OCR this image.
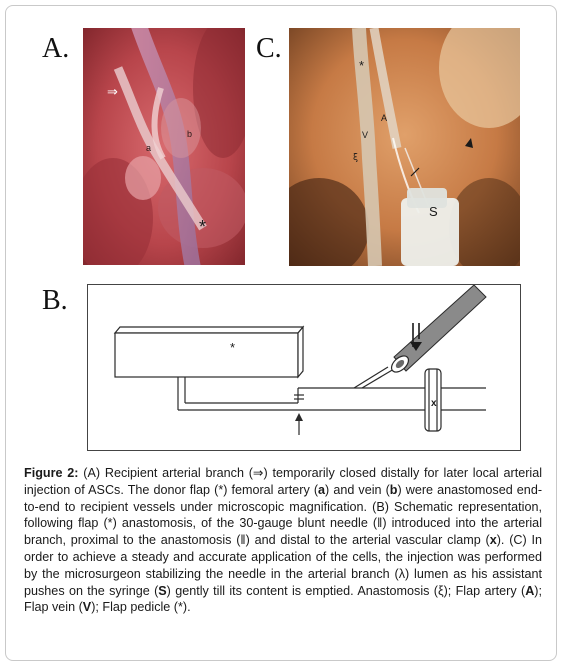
A.
⇒
a
b
*
C.
*
V
A
ξ
S
B.
*
x
Figure 2: (A) Recipient arterial branch (⇒) temporarily closed distally for later local arterial injection of ASCs. The donor flap (*) femoral artery (a) and vein (b) were anastomosed end-to-end to recipient vessels under microscopic magnification. (B) Schematic representation, following flap (*) anastomosis, of the 30-gauge blunt needle (‖) introduced into the arterial branch, proximal to the anastomosis (‖) and distal to the arterial vascular clamp (x). (C) In order to achieve a steady and accurate application of the cells, the injection was performed by the microsurgeon stabilizing the needle in the arterial branch (λ) lumen as his assistant pushes on the syringe (S) gently till its content is emptied. Anastomosis (ξ); Flap artery (A); Flap vein (V); Flap pedicle (*).
